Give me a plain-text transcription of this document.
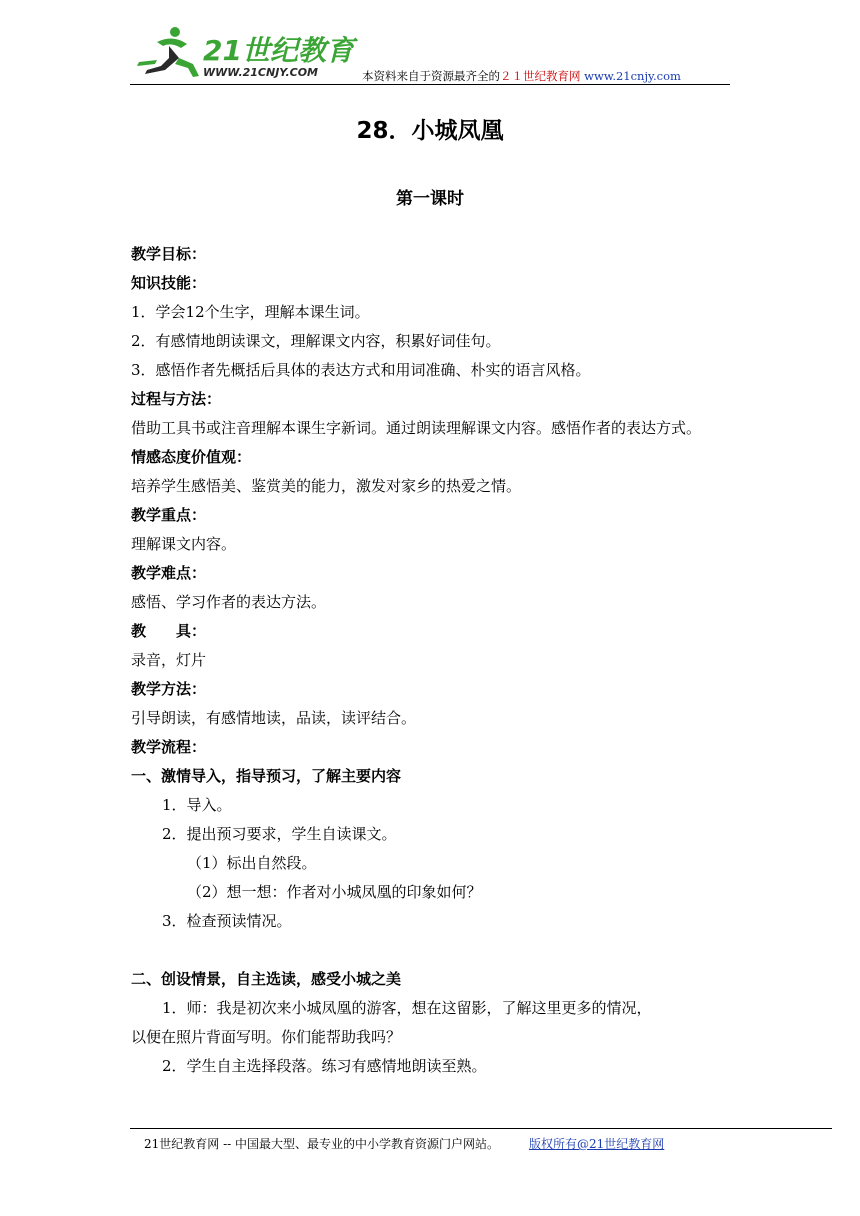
21世纪教育
WWW.21CNJY.COM	本资料来自于资源最齐全的２１世纪教育网 www.21cnjy.com
28．小城凤凰
第一课时
教学目标：
知识技能：
1．学会12个生字，理解本课生词。
2．有感情地朗读课文，理解课文内容，积累好词佳句。
3．感悟作者先概括后具体的表达方式和用词准确、朴实的语言风格。
过程与方法：
借助工具书或注音理解本课生字新词。通过朗读理解课文内容。感悟作者的表达方式。
情感态度价值观：
培养学生感悟美、鉴赏美的能力，激发对家乡的热爱之情。
教学重点：
理解课文内容。
教学难点：
感悟、学习作者的表达方法。
教　　具：
录音，灯片
教学方法：
引导朗读，有感情地读，品读，读评结合。
教学流程：
一、激情导入，指导预习，了解主要内容
1．导入。
2．提出预习要求，学生自读课文。
（1）标出自然段。
（2）想一想：作者对小城凤凰的印象如何？
3．检查预读情况。
二、创设情景，自主选读，感受小城之美
1．师：我是初次来小城凤凰的游客，想在这留影，了解这里更多的情况，
以便在照片背面写明。你们能帮助我吗？
2．学生自主选择段落。练习有感情地朗读至熟。
21世纪教育网 -- 中国最大型、最专业的中小学教育资源门户网站。	版权所有@21世纪教育网
